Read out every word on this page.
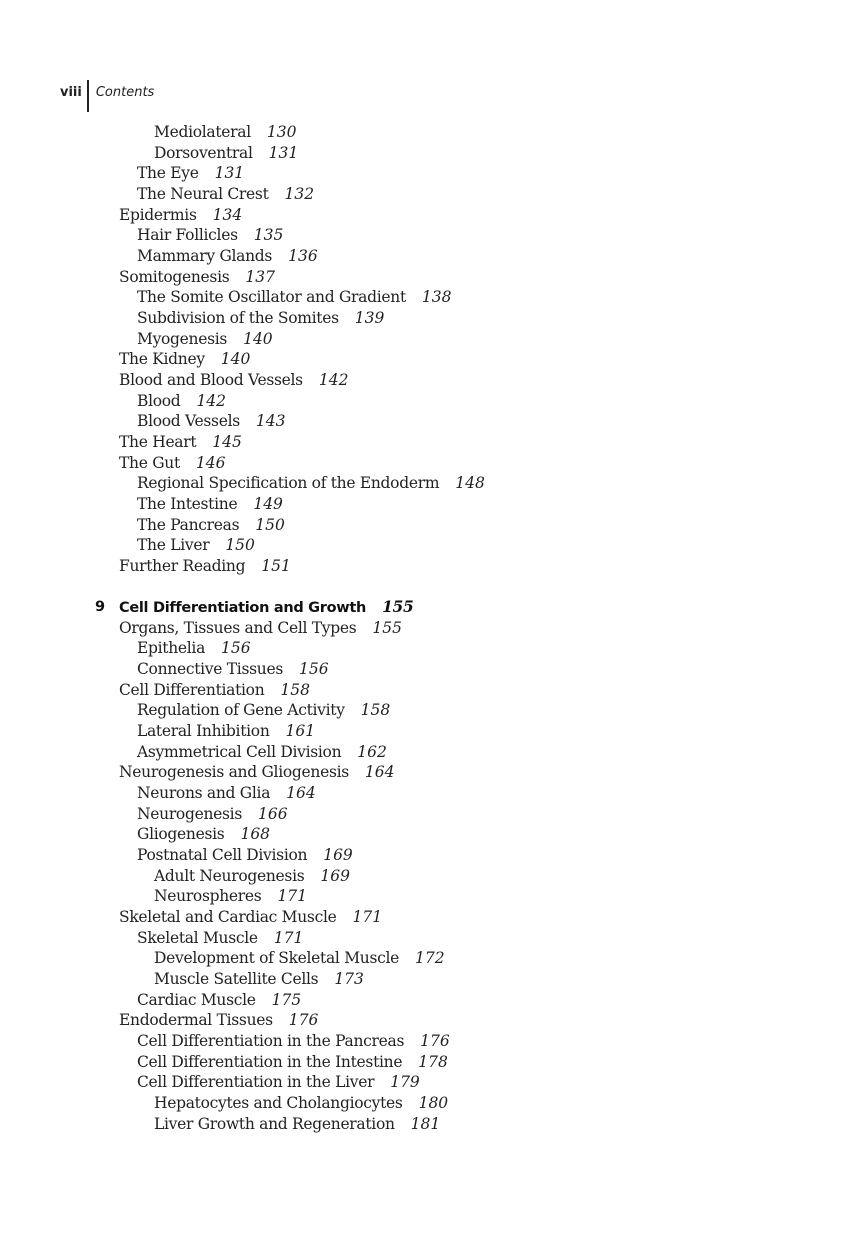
viii Contents
Mediolateral 130
Dorsoventral 131
The Eye 131
The Neural Crest 132
Epidermis 134
Hair Follicles 135
Mammary Glands 136
Somitogenesis 137
The Somite Oscillator and Gradient 138
Subdivision of the Somites 139
Myogenesis 140
The Kidney 140
Blood and Blood Vessels 142
Blood 142
Blood Vessels 143
The Heart 145
The Gut 146
Regional Specification of the Endoderm 148
The Intestine 149
The Pancreas 150
The Liver 150
Further Reading 151
9 Cell Differentiation and Growth 155
Organs, Tissues and Cell Types 155
Epithelia 156
Connective Tissues 156
Cell Differentiation 158
Regulation of Gene Activity 158
Lateral Inhibition 161
Asymmetrical Cell Division 162
Neurogenesis and Gliogenesis 164
Neurons and Glia 164
Neurogenesis 166
Gliogenesis 168
Postnatal Cell Division 169
Adult Neurogenesis 169
Neurospheres 171
Skeletal and Cardiac Muscle 171
Skeletal Muscle 171
Development of Skeletal Muscle 172
Muscle Satellite Cells 173
Cardiac Muscle 175
Endodermal Tissues 176
Cell Differentiation in the Pancreas 176
Cell Differentiation in the Intestine 178
Cell Differentiation in the Liver 179
Hepatocytes and Cholangiocytes 180
Liver Growth and Regeneration 181
